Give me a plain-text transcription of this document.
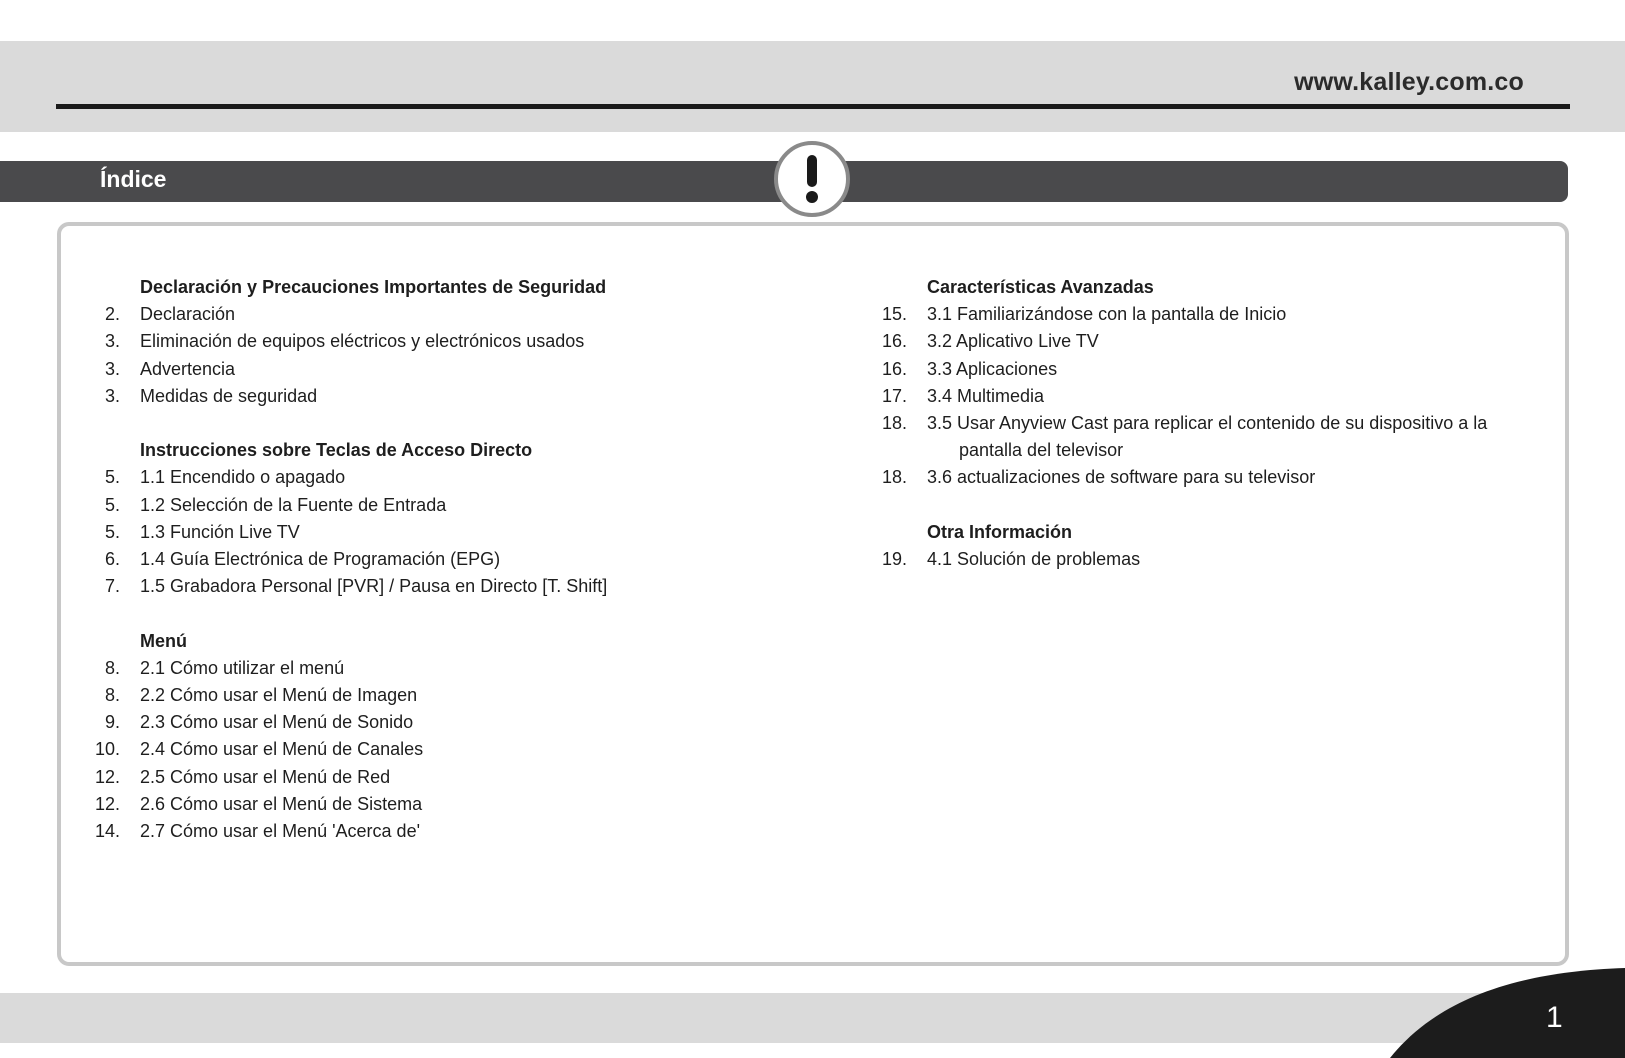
www.kalley.com.co
Índice
Declaración y Precauciones Importantes de Seguridad
2. Declaración
3. Eliminación de equipos eléctricos y electrónicos usados
3. Advertencia
3. Medidas de seguridad
Instrucciones sobre Teclas de Acceso Directo
5. 1.1 Encendido o apagado
5. 1.2 Selección de la Fuente de Entrada
5. 1.3 Función Live TV
6. 1.4 Guía Electrónica de Programación (EPG)
7. 1.5 Grabadora Personal [PVR] / Pausa en Directo [T. Shift]
Menú
8. 2.1 Cómo utilizar el menú
8. 2.2 Cómo usar el Menú de Imagen
9. 2.3 Cómo usar el Menú de Sonido
10. 2.4 Cómo usar el Menú de Canales
12. 2.5 Cómo usar el Menú de Red
12. 2.6 Cómo usar el Menú de Sistema
14. 2.7 Cómo usar el Menú 'Acerca de'
Características Avanzadas
15. 3.1 Familiarizándose con la pantalla de Inicio
16. 3.2 Aplicativo Live TV
16. 3.3 Aplicaciones
17. 3.4 Multimedia
18. 3.5 Usar Anyview Cast para replicar el contenido de su dispositivo a la
pantalla del televisor
18. 3.6 actualizaciones de software para su televisor
Otra Información
19. 4.1 Solución de problemas
1
